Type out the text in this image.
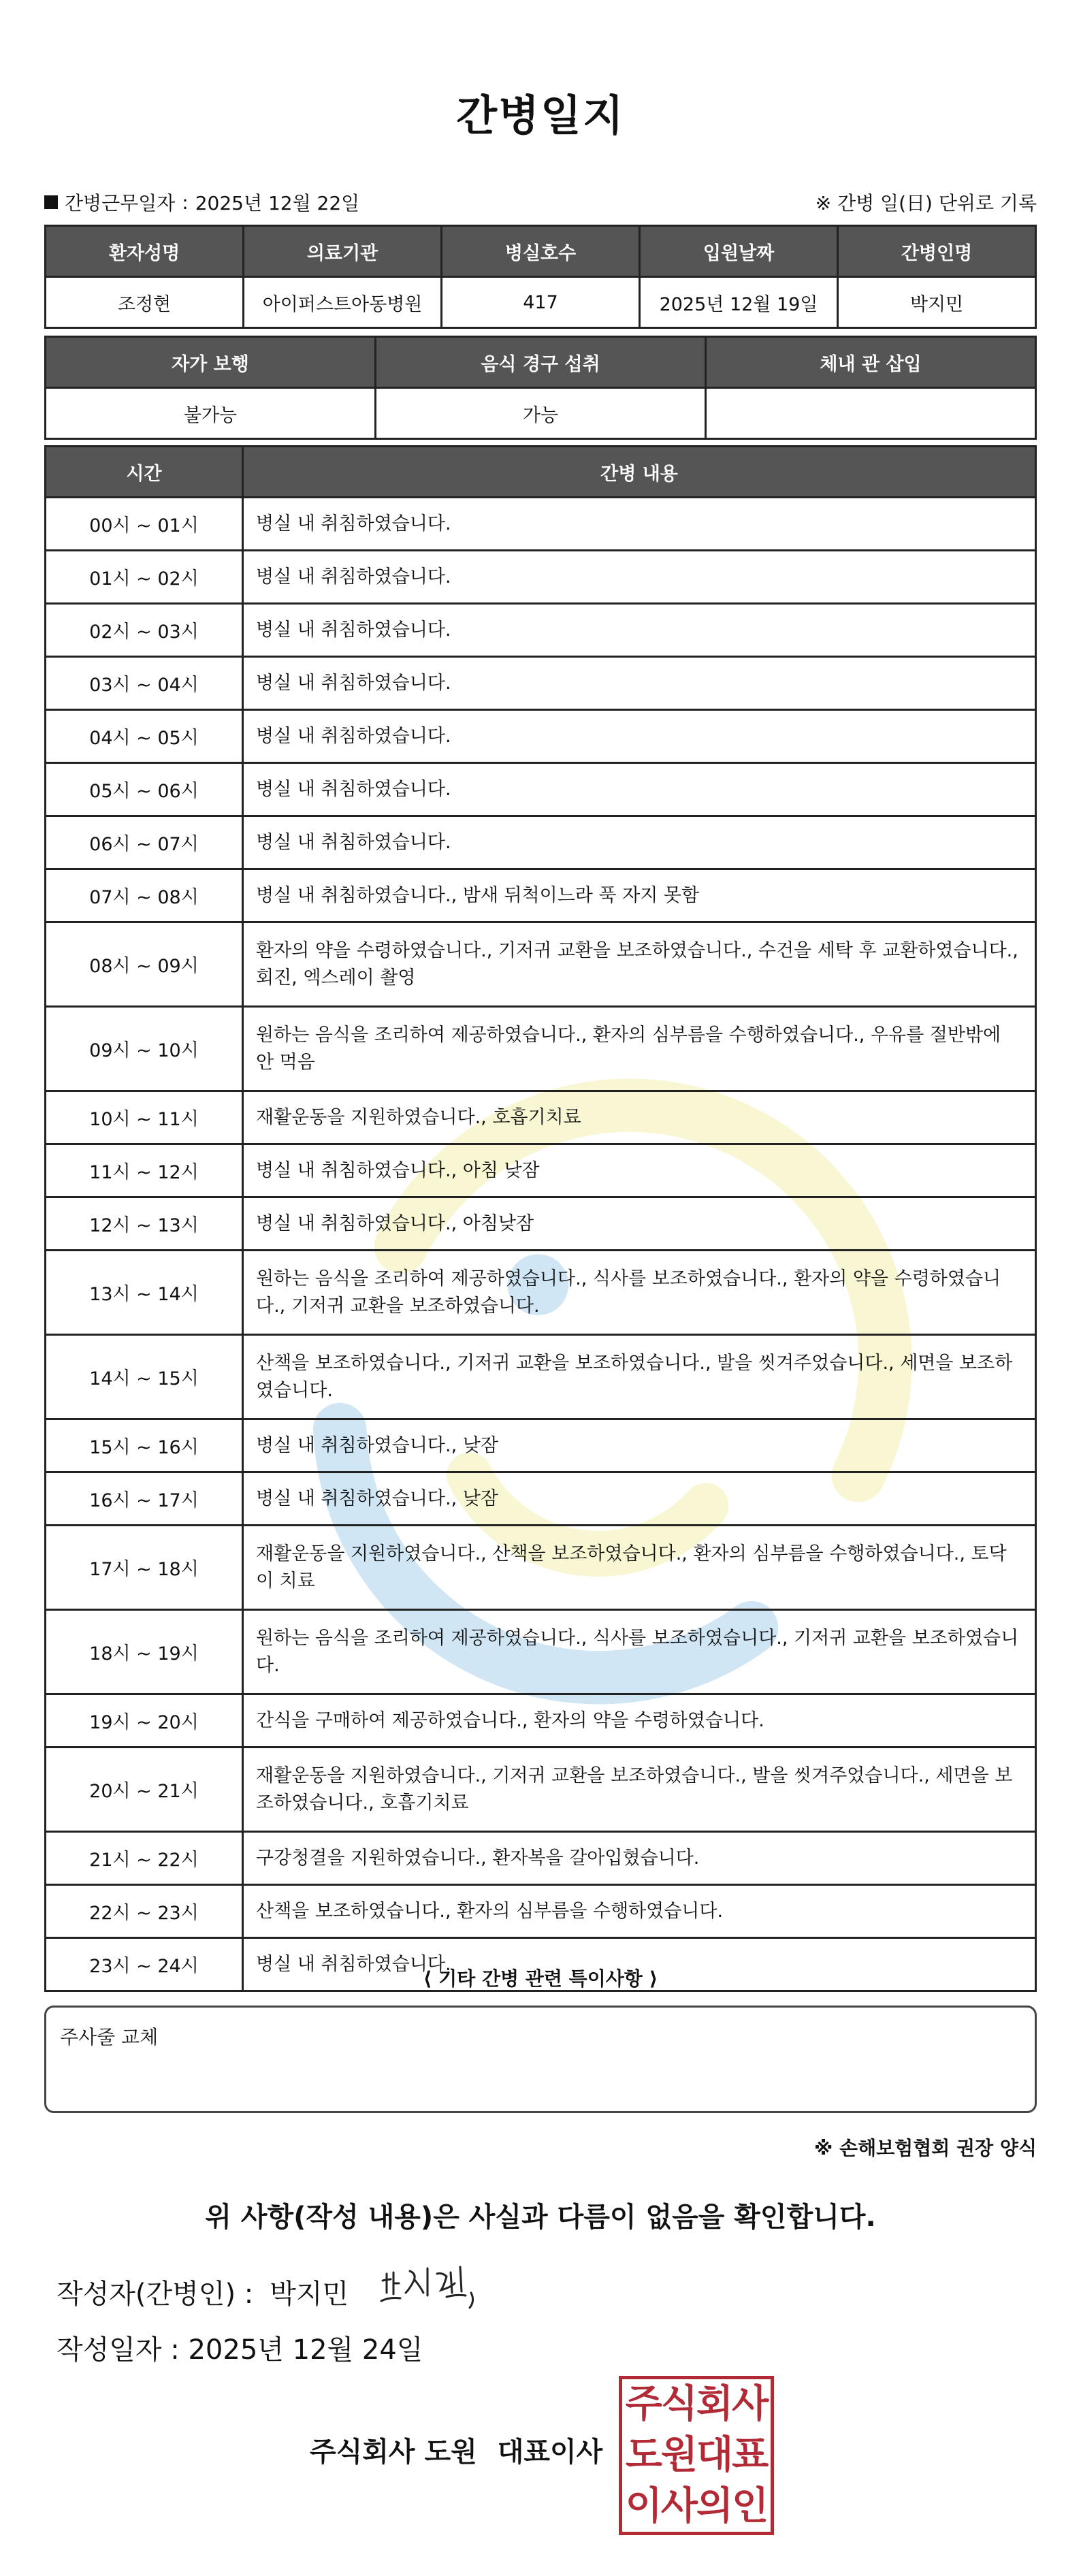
간병일지
간병근무일자 : 2025년 12월 22일	※ 간병 일(日) 단위로 기록
환자성명	의료기관	병실호수	입원날짜	간병인명
조정현	아이퍼스트아동병원	417	2025년 12월 19일	박지민
자가 보행	음식 경구 섭취	체내 관 삽입
불가능	가능	
시간	간병 내용
00시 ~ 01시	병실 내 취침하였습니다.
01시 ~ 02시	병실 내 취침하였습니다.
02시 ~ 03시	병실 내 취침하였습니다.
03시 ~ 04시	병실 내 취침하였습니다.
04시 ~ 05시	병실 내 취침하였습니다.
05시 ~ 06시	병실 내 취침하였습니다.
06시 ~ 07시	병실 내 취침하였습니다.
07시 ~ 08시	병실 내 취침하였습니다., 밤새 뒤척이느라 푹 자지 못함
08시 ~ 09시	환자의 약을 수령하였습니다., 기저귀 교환을 보조하였습니다., 수건을 세탁 후 교환하였습니다., 회진, 엑스레이 촬영
09시 ~ 10시	원하는 음식을 조리하여 제공하였습니다., 환자의 심부름을 수행하였습니다., 우유를 절반밖에 안 먹음
10시 ~ 11시	재활운동을 지원하였습니다., 호흡기치료
11시 ~ 12시	병실 내 취침하였습니다., 아침 낮잠
12시 ~ 13시	병실 내 취침하였습니다., 아침낮잠
13시 ~ 14시	원하는 음식을 조리하여 제공하였습니다., 식사를 보조하였습니다., 환자의 약을 수령하였습니다., 기저귀 교환을 보조하였습니다.
14시 ~ 15시	산책을 보조하였습니다., 기저귀 교환을 보조하였습니다., 발을 씻겨주었습니다., 세면을 보조하였습니다.
15시 ~ 16시	병실 내 취침하였습니다., 낮잠
16시 ~ 17시	병실 내 취침하였습니다., 낮잠
17시 ~ 18시	재활운동을 지원하였습니다., 산책을 보조하였습니다., 환자의 심부름을 수행하였습니다., 토닥이 치료
18시 ~ 19시	원하는 음식을 조리하여 제공하였습니다., 식사를 보조하였습니다., 기저귀 교환을 보조하였습니다.
19시 ~ 20시	간식을 구매하여 제공하였습니다., 환자의 약을 수령하였습니다.
20시 ~ 21시	재활운동을 지원하였습니다., 기저귀 교환을 보조하였습니다., 발을 씻겨주었습니다., 세면을 보조하였습니다., 호흡기치료
21시 ~ 22시	구강청결을 지원하였습니다., 환자복을 갈아입혔습니다.
22시 ~ 23시	산책을 보조하였습니다., 환자의 심부름을 수행하였습니다.
23시 ~ 24시	병실 내 취침하였습니다.
⟨ 기타 간병 관련 특이사항 ⟩
주사줄 교체
※ 손해보험협회 권장 양식
위 사항(작성 내용)은 사실과 다름이 없음을 확인합니다.
작성자(간병인) : 박지민
작성일자 : 2025년 12월 24일
주식회사 도원 대표이사
주식회사
도원대표
이사의인
